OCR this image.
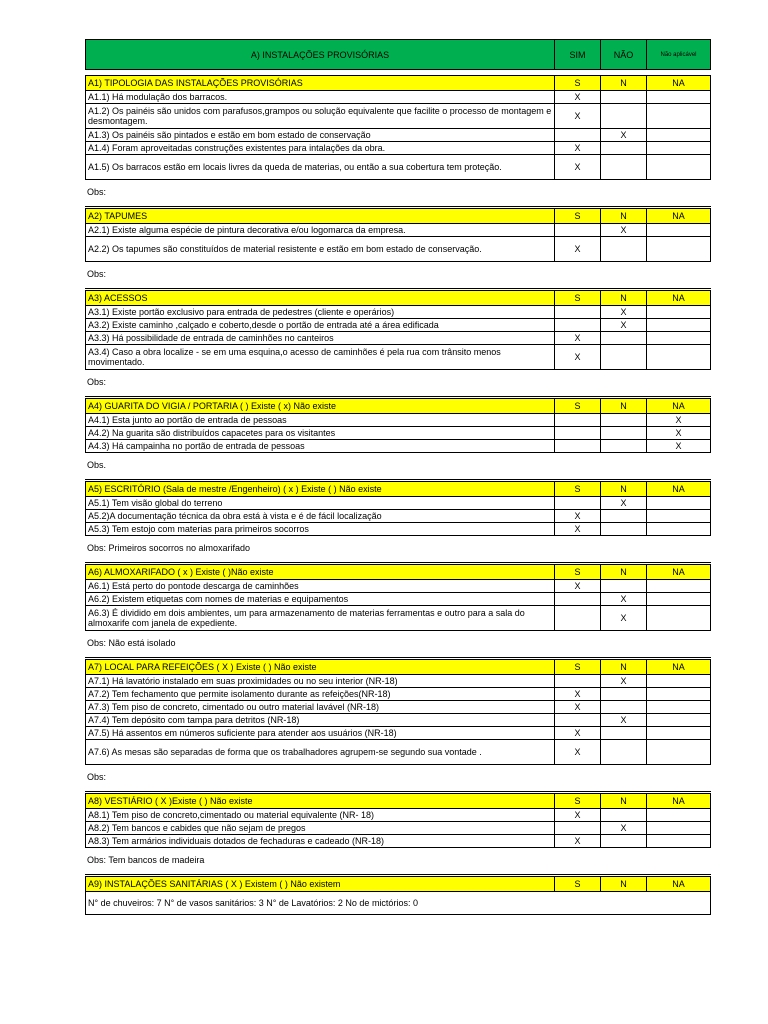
A) INSTALAÇÕES PROVISÓRIAS	SIM	NÃO	Não aplicável
A1) TIPOLOGIA DAS INSTALAÇÕES PROVISÓRIAS	S	N	NA
A1.1) Há modulação dos barracos.	X		
A1.2) Os painéis são unidos com parafusos,grampos ou solução equivalente que facilite o processo de montagem e desmontagem.	X		
A1.3) Os painéis são pintados e estão em bom estado de conservação		X	
A1.4) Foram aproveitadas construções existentes para intalações da obra.	X		
A1.5) Os barracos estão em locais livres da queda de materias, ou então a sua cobertura tem proteção.	X		
Obs:
A2) TAPUMES	S	N	NA
A2.1) Existe alguma espécie de pintura decorativa e/ou logomarca da empresa.		X	
A2.2) Os tapumes são constituídos de material resistente e estão em bom estado de conservação.	X		
Obs:
A3) ACESSOS	S	N	NA
A3.1) Existe portão exclusivo para entrada de pedestres (cliente e operários)		X	
A3.2) Existe caminho ,calçado e coberto,desde o portão de entrada até a área edificada		X	
A3.3) Há possibilidade de entrada de caminhões no canteiros	X		
A3.4) Caso a obra localize - se em uma esquina,o acesso de caminhões é pela rua com trânsito menos movimentado.	X		
Obs:
A4) GUARITA DO VIGIA / PORTARIA ( ) Existe ( x) Não existe	S	N	NA
A4.1) Esta junto ao portão de entrada de pessoas			X
A4.2) Na guarita são distribuídos capacetes para os visitantes			X
A4.3) Há campainha no portão de entrada de pessoas			X
Obs.
A5) ESCRITÓRIO (Sala de mestre /Engenheiro) ( x ) Existe ( ) Não existe	S	N	NA
A5.1) Tem visão global do terreno		X	
A5.2)A documentação técnica da obra está à vista e é de fácil localização	X		
A5.3) Tem estojo com materias para primeiros socorros	X		
Obs: Primeiros socorros no almoxarifado
A6) ALMOXARIFADO ( x ) Existe ( )Não existe	S	N	NA
A6.1) Está perto do pontode descarga de caminhões	X		
A6.2) Existem etiquetas com nomes de materias e equipamentos		X	
A6.3) É dividido em dois ambientes, um para armazenamento de materias ferramentas e outro para a sala do almoxarife com janela de expediente.		X	
Obs: Não está isolado
A7) LOCAL PARA REFEIÇÕES ( X ) Existe ( ) Não existe	S	N	NA
A7.1) Há lavatório instalado em suas proximidades ou no seu interior (NR-18)		X	
A7.2) Tem fechamento que permite isolamento durante as refeições(NR-18)	X		
A7.3) Tem piso de concreto, cimentado ou outro material lavável (NR-18)	X		
A7.4) Tem depósito com tampa para detritos (NR-18)		X	
A7.5) Há assentos em números suficiente para atender aos usuários (NR-18)	X		
A7.6) As mesas são separadas de forma que os trabalhadores agrupem-se segundo sua vontade .	X		
Obs:
A8) VESTIÁRIO ( X )Existe ( ) Não existe	S	N	NA
A8.1) Tem piso de concreto,cimentado ou material equivalente (NR- 18)	X		
A8.2) Tem bancos e cabides que não sejam de pregos		X	
A8.3) Tem armários individuais dotados de fechaduras e cadeado (NR-18)	X		
Obs: Tem bancos de madeira
A9) INSTALAÇÕES SANITÁRIAS ( X ) Existem ( ) Não existem	S	N	NA
N° de chuveiros: 7 N° de vasos sanitários: 3 N° de Lavatórios: 2 No de mictórios: 0
